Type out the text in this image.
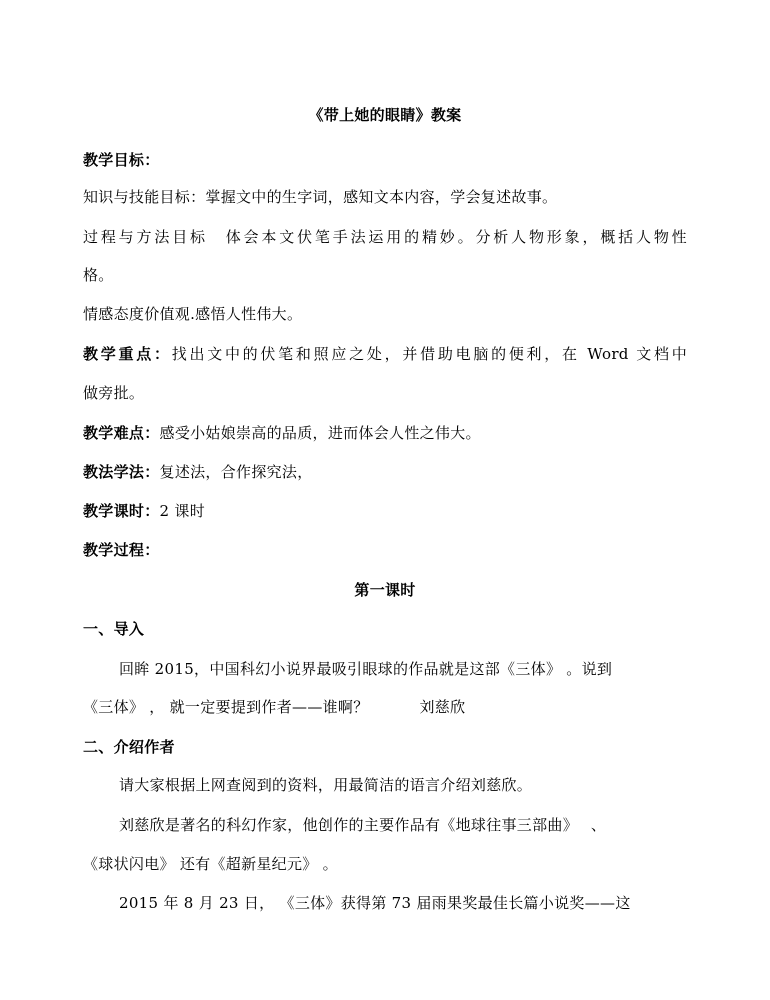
《带上她的眼睛》教案
教学目标：
知识与技能目标：掌握文中的生字词，感知文本内容，学会复述故事。
过程与方法目标　体会本文伏笔手法运用的精妙。分析人物形象，概括人物性
格。
情感态度价值观.感悟人性伟大。
教学重点：找出文中的伏笔和照应之处，并借助电脑的便利，在 Word 文档中
做旁批。
教学难点：感受小姑娘崇高的品质，进而体会人性之伟大。
教法学法：复述法，合作探究法，
教学课时：2 课时
教学过程：
第一课时
一、导入
回眸 2015，中国科幻小说界最吸引眼球的作品就是这部《三体》 。说到
《三体》 ， 就一定要提到作者——谁啊？　　　 刘慈欣
二、介绍作者
请大家根据上网查阅到的资料，用最简洁的语言介绍刘慈欣。
刘慈欣是著名的科幻作家，他创作的主要作品有《地球往事三部曲》　 、
《球状闪电》 还有《超新星纪元》 。
2015 年 8 月 23 日， 《三体》获得第 73 届雨果奖最佳长篇小说奖——这
